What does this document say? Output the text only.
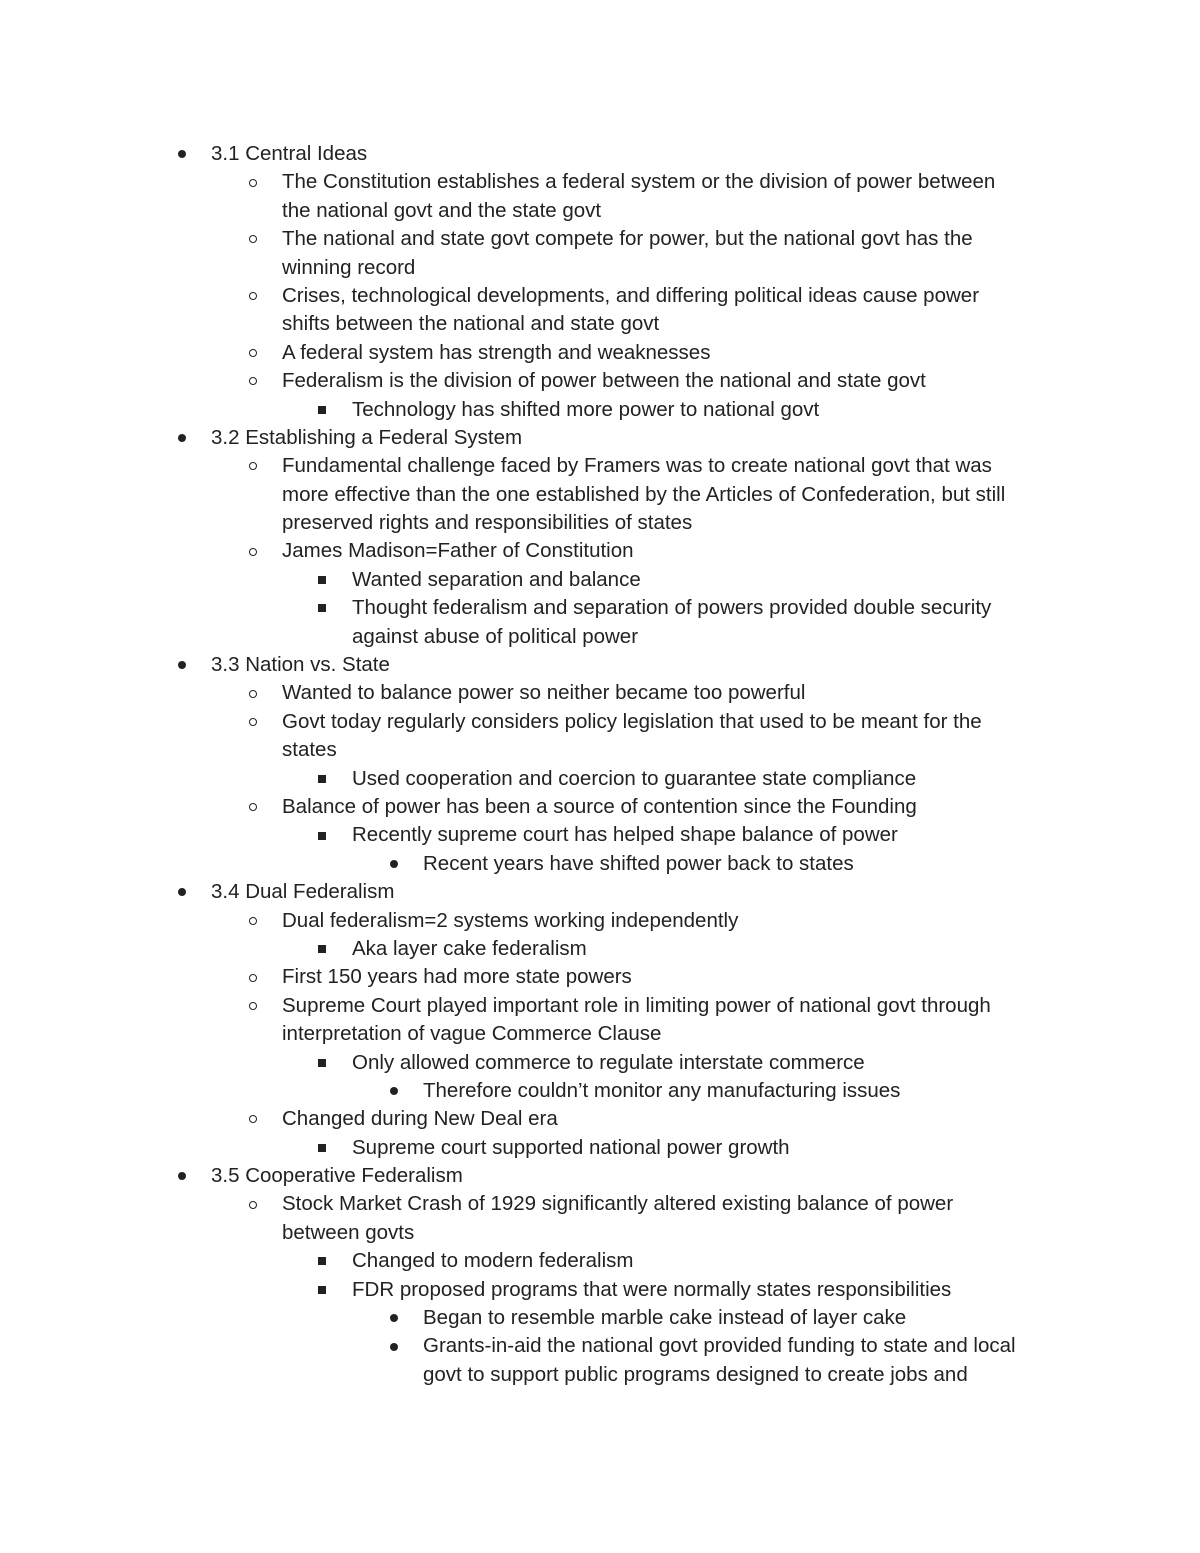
3.1 Central Ideas
The Constitution establishes a federal system or the division of power between
the national govt and the state govt
The national and state govt compete for power, but the national govt has the
winning record
Crises, technological developments, and differing political ideas cause power
shifts between the national and state govt
A federal system has strength and weaknesses
Federalism is the division of power between the national and state govt
Technology has shifted more power to national govt
3.2 Establishing a Federal System
Fundamental challenge faced by Framers was to create national govt that was
more effective than the one established by the Articles of Confederation, but still
preserved rights and responsibilities of states
James Madison=Father of Constitution
Wanted separation and balance
Thought federalism and separation of powers provided double security
against abuse of political power
3.3 Nation vs. State
Wanted to balance power so neither became too powerful
Govt today regularly considers policy legislation that used to be meant for the
states
Used cooperation and coercion to guarantee state compliance
Balance of power has been a source of contention since the Founding
Recently supreme court has helped shape balance of power
Recent years have shifted power back to states
3.4 Dual Federalism
Dual federalism=2 systems working independently
Aka layer cake federalism
First 150 years had more state powers
Supreme Court played important role in limiting power of national govt through
interpretation of vague Commerce Clause
Only allowed commerce to regulate interstate commerce
Therefore couldn’t monitor any manufacturing issues
Changed during New Deal era
Supreme court supported national power growth
3.5 Cooperative Federalism
Stock Market Crash of 1929 significantly altered existing balance of power
between govts
Changed to modern federalism
FDR proposed programs that were normally states responsibilities
Began to resemble marble cake instead of layer cake
Grants-in-aid the national govt provided funding to state and local
govt to support public programs designed to create jobs and
